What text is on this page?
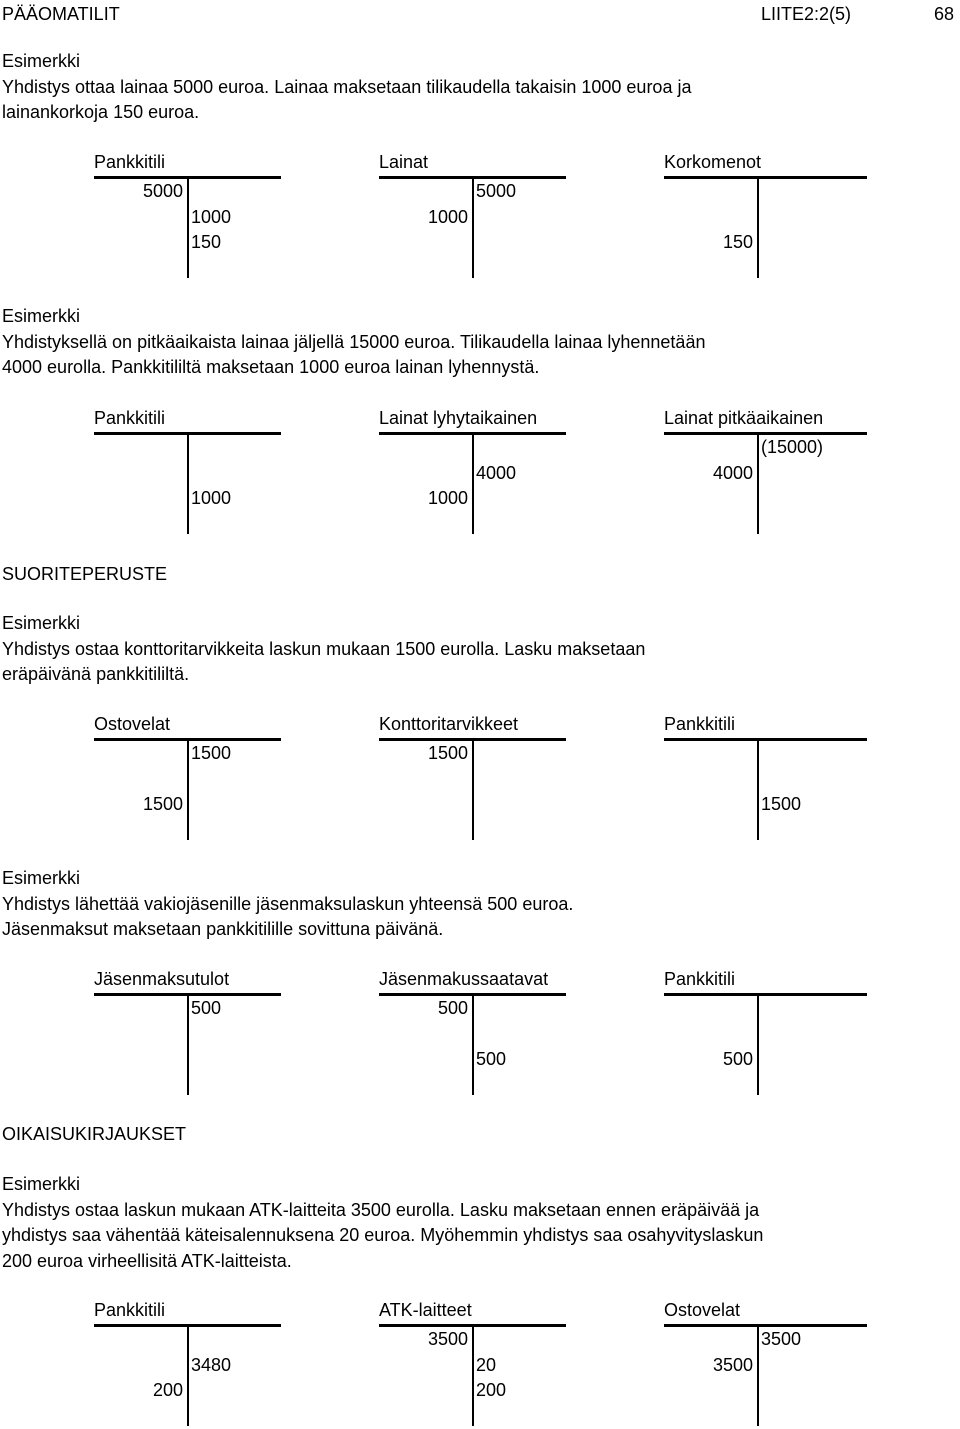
PÄÄOMATILIT	LIITE2:2(5)	68
Esimerkki
Yhdistys ottaa lainaa 5000 euroa. Lainaa maksetaan tilikaudella takaisin 1000 euroa ja
lainankorkoja 150 euroa.
Pankkitili
5000
1000
150
Lainat
1000
5000
Korkomenot
150
Esimerkki
Yhdistyksellä on pitkäaikaista lainaa jäljellä 15000 euroa. Tilikaudella lainaa lyhennetään
4000 eurolla. Pankkitililtä maksetaan 1000 euroa lainan lyhennystä.
Pankkitili
1000
Lainat lyhytaikainen
1000
4000
Lainat pitkäaikainen
4000
(15000)
SUORITEPERUSTE
Esimerkki
Yhdistys ostaa konttoritarvikkeita laskun mukaan 1500 eurolla. Lasku maksetaan
eräpäivänä pankkitililtä.
Ostovelat
1500
1500
Konttoritarvikkeet
1500
Pankkitili
1500
Esimerkki
Yhdistys lähettää vakiojäsenille jäsenmaksulaskun yhteensä 500 euroa.
Jäsenmaksut maksetaan pankkitilille sovittuna päivänä.
Jäsenmaksutulot
500
Jäsenmakussaatavat
500
500
Pankkitili
500
OIKAISUKIRJAUKSET
Esimerkki
Yhdistys ostaa laskun mukaan ATK-laitteita 3500 eurolla. Lasku maksetaan ennen eräpäivää ja
yhdistys saa vähentää käteisalennuksena 20 euroa. Myöhemmin yhdistys saa osahyvityslaskun
200 euroa virheellisitä ATK-laitteista.
Pankkitili
200
3480
ATK-laitteet
3500
20
200
Ostovelat
3500
3500
